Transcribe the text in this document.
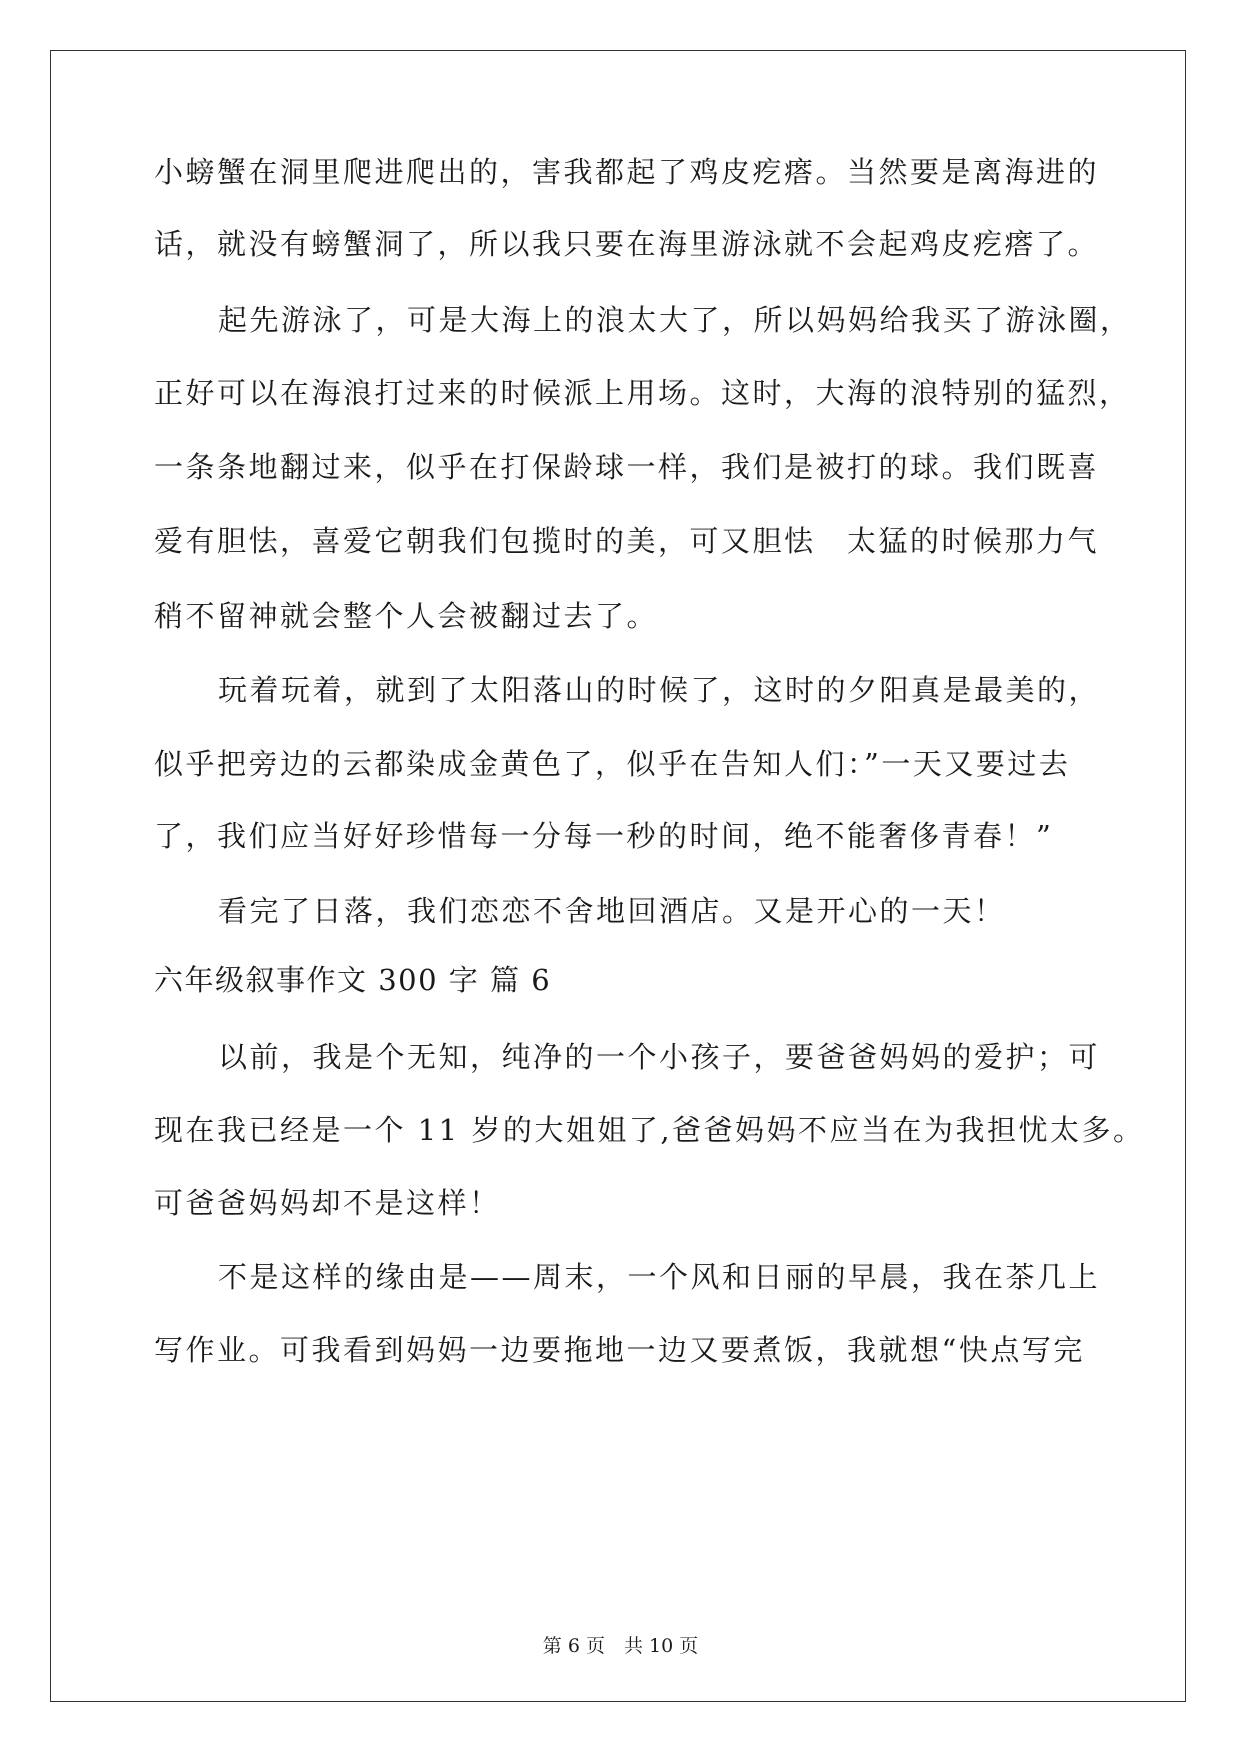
小螃蟹在洞里爬进爬出的，害我都起了鸡皮疙瘩。当然要是离海进的
话，就没有螃蟹洞了，所以我只要在海里游泳就不会起鸡皮疙瘩了。
起先游泳了，可是大海上的浪太大了，所以妈妈给我买了游泳圈，
正好可以在海浪打过来的时候派上用场。这时，大海的浪特别的猛烈，
一条条地翻过来，似乎在打保龄球一样，我们是被打的球。我们既喜
爱有胆怯，喜爱它朝我们包揽时的美，可又胆怯　太猛的时候那力气
稍不留神就会整个人会被翻过去了。
玩着玩着，就到了太阳落山的时候了，这时的夕阳真是最美的，
似乎把旁边的云都染成金黄色了，似乎在告知人们：”一天又要过去
了，我们应当好好珍惜每一分每一秒的时间，绝不能奢侈青春！”
看完了日落，我们恋恋不舍地回酒店。又是开心的一天！
六年级叙事作文 300 字 篇 6
以前，我是个无知，纯净的一个小孩子，要爸爸妈妈的爱护；可
现在我已经是一个 11 岁的大姐姐了,爸爸妈妈不应当在为我担忧太多。
可爸爸妈妈却不是这样！
不是这样的缘由是——周末，一个风和日丽的早晨，我在茶几上
写作业。可我看到妈妈一边要拖地一边又要煮饭，我就想“快点写完
第 6 页　共 10 页
